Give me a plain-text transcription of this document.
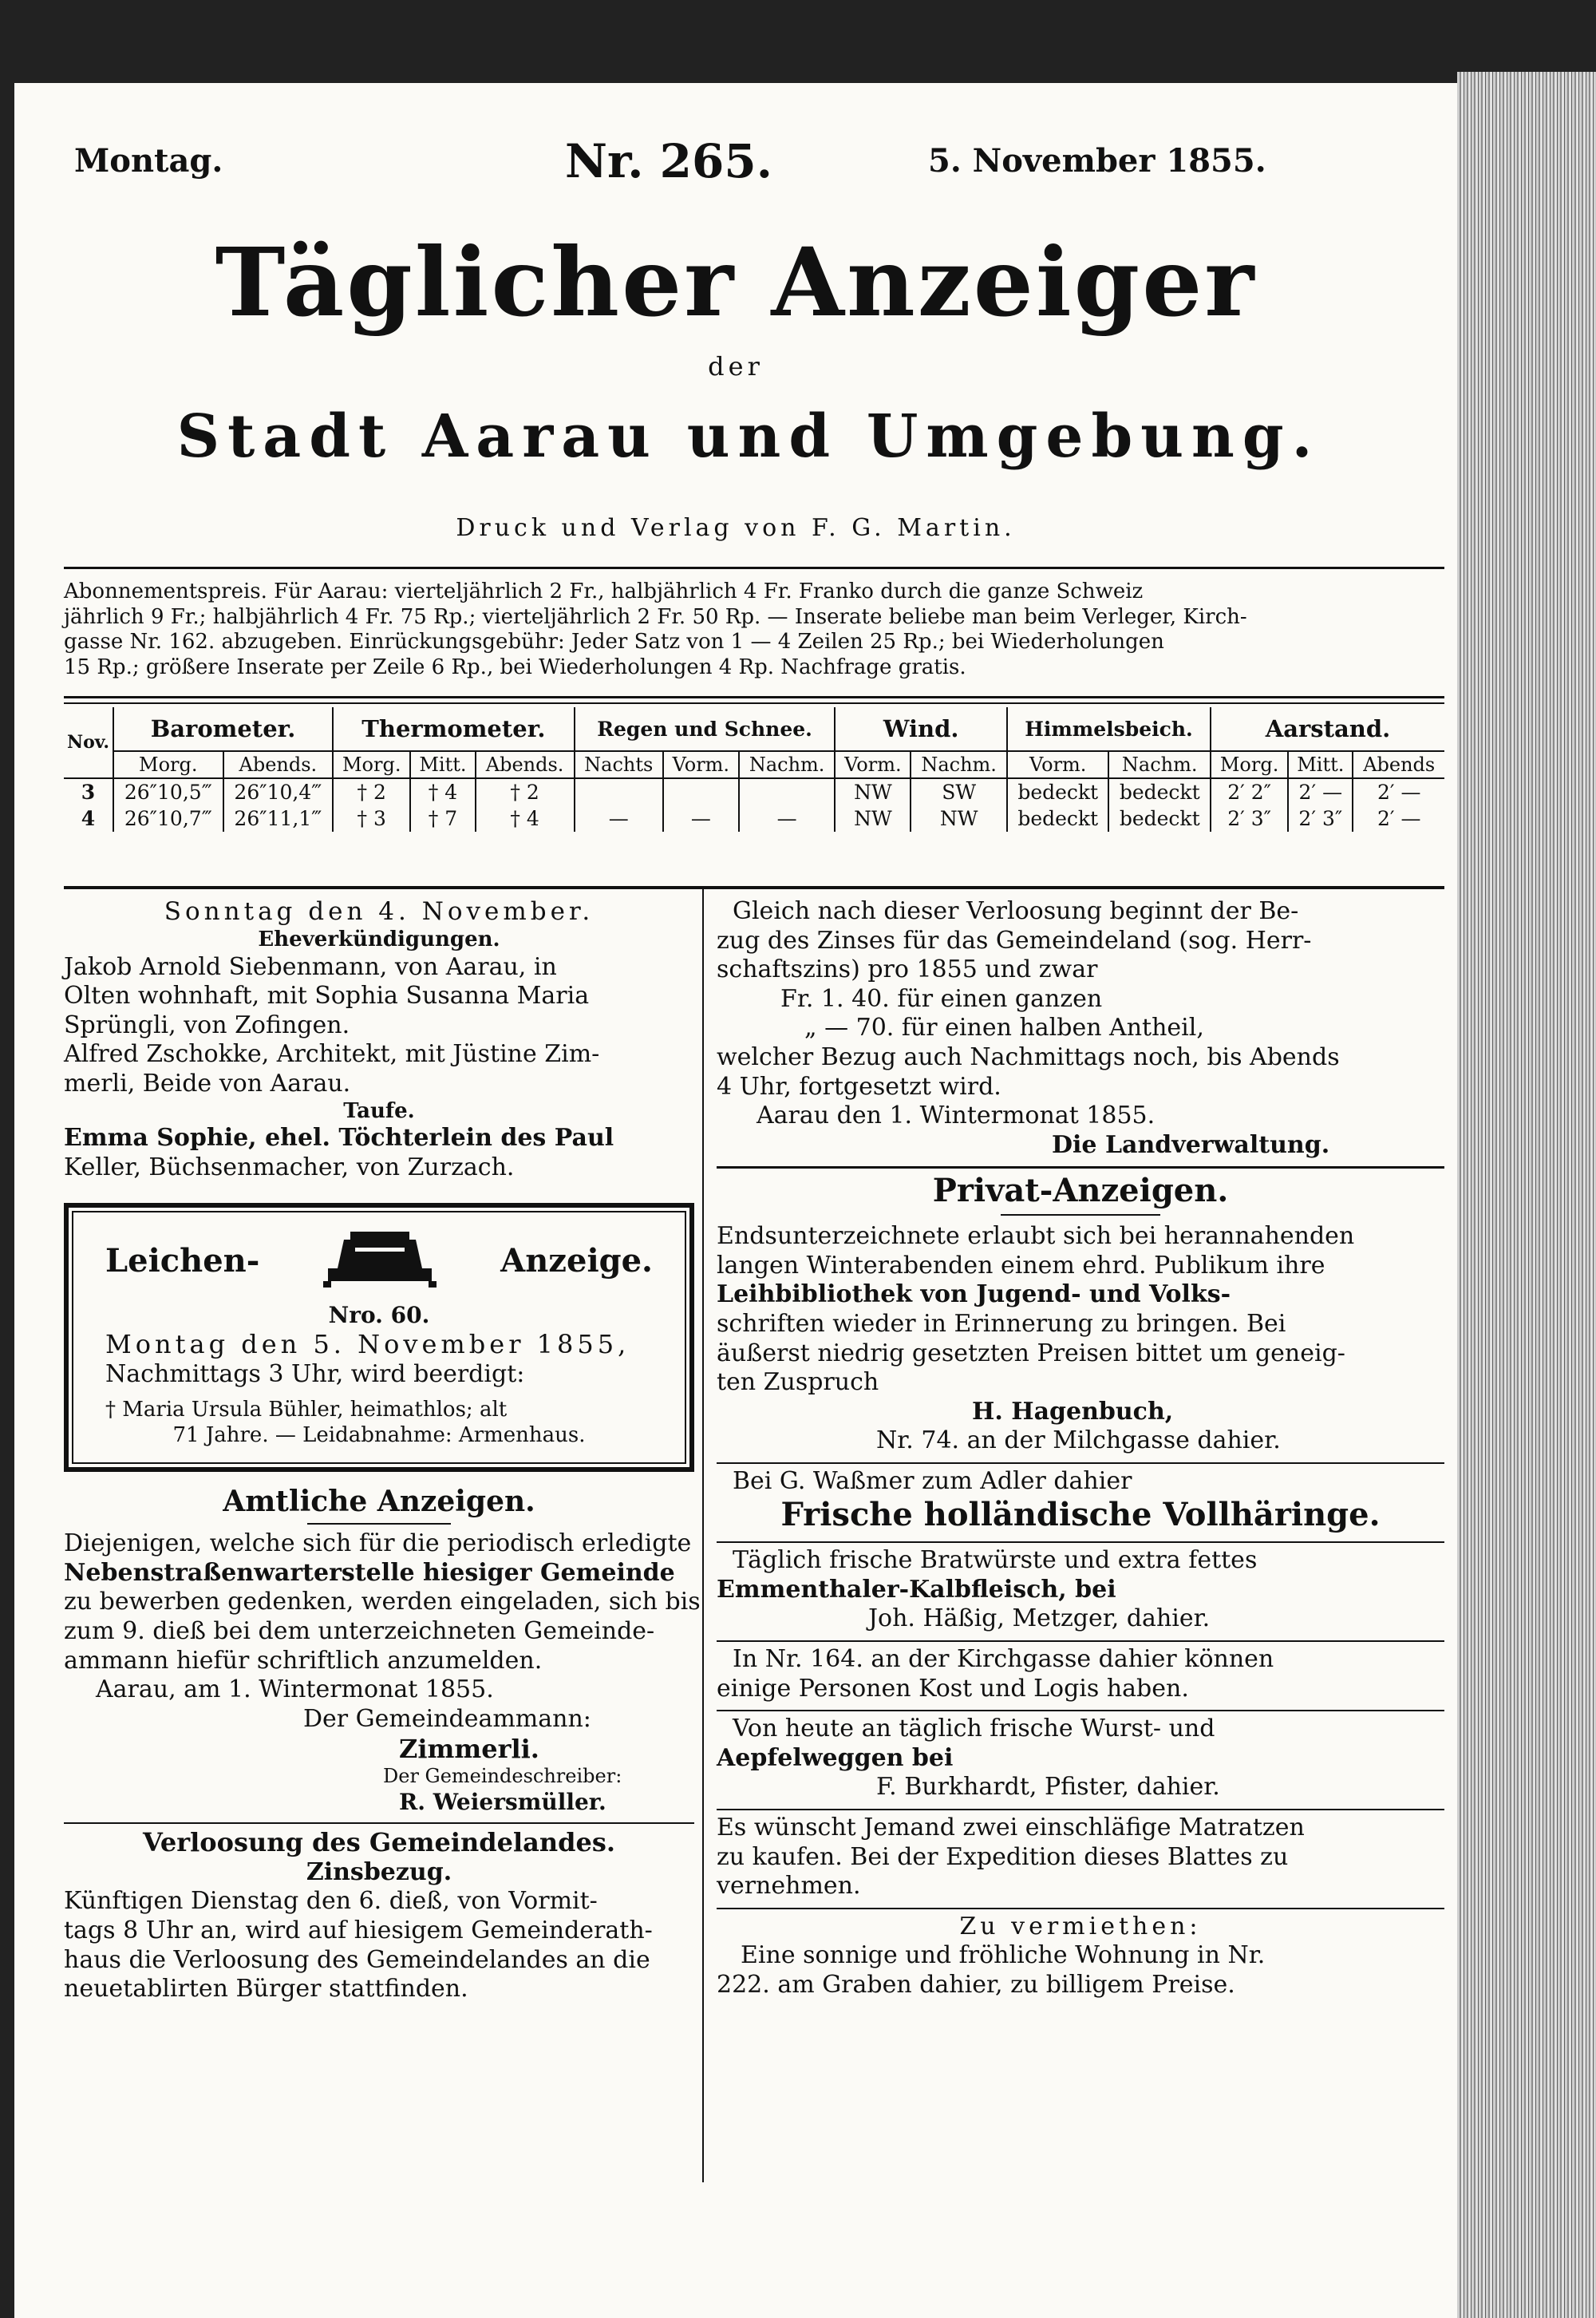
Montag.	Nr. 265.	5. November 1855.
Täglicher Anzeiger
der
Stadt Aarau und Umgebung.
Druck und Verlag von F. G. Martin.
Abonnementspreis. Für Aarau: vierteljährlich 2 Fr., halbjährlich 4 Fr. Franko durch die ganze Schweiz
jährlich 9 Fr.; halbjährlich 4 Fr. 75 Rp.; vierteljährlich 2 Fr. 50 Rp. — Inserate beliebe man beim Verleger, Kirch-
gasse Nr. 162. abzugeben. Einrückungsgebühr: Jeder Satz von 1 — 4 Zeilen 25 Rp.; bei Wiederholungen
15 Rp.; größere Inserate per Zeile 6 Rp., bei Wiederholungen 4 Rp. Nachfrage gratis.
Nov.	Barometer.		Thermometer.			Regen und Schnee.			Wind.		Himmelsbeich.		Aarstand.		
	Morg.	Abends.	Morg.	Mitt.	Abends.	Nachts	Vorm.	Nachm.	Vorm.	Nachm.	Vorm.	Nachm.	Morg.	Mitt.	Abends
3	26″10,5‴	26″10,4‴	† 2	† 4	† 2				NW	SW	bedeckt	bedeckt	2′ 2″	2′ —	2′ —
4	26″10,7‴	26″11,1‴	† 3	† 7	† 4	—	—	—	NW	NW	bedeckt	bedeckt	2′ 3″	2′ 3″	2′ —
Sonntag den 4. November.
Eheverkündigungen.
Jakob Arnold Siebenmann, von Aarau, in
Olten wohnhaft, mit Sophia Susanna Maria
Sprüngli, von Zofingen.
Alfred Zschokke, Architekt, mit Jüstine Zim-
merli, Beide von Aarau.
Taufe.
Emma Sophie, ehel. Töchterlein des Paul
Keller, Büchsenmacher, von Zurzach.
Leichen-	Anzeige.
Nro. 60.
Montag den 5. November 1855,
Nachmittags 3 Uhr, wird beerdigt:
† Maria Ursula Bühler, heimathlos; alt
71 Jahre. — Leidabnahme: Armenhaus.
Amtliche Anzeigen.
Diejenigen, welche sich für die periodisch erledigte
Nebenstraßenwarterstelle hiesiger Gemeinde
zu bewerben gedenken, werden eingeladen, sich bis
zum 9. dieß bei dem unterzeichneten Gemeinde-
ammann hiefür schriftlich anzumelden.
Aarau, am 1. Wintermonat 1855.
Der Gemeindeammann:
Zimmerli.
Der Gemeindeschreiber:
R. Weiersmüller.
Verloosung des Gemeindelandes.
Zinsbezug.
Künftigen Dienstag den 6. dieß, von Vormit-
tags 8 Uhr an, wird auf hiesigem Gemeinderath-
haus die Verloosung des Gemeindelandes an die
neuetablirten Bürger stattfinden.
Gleich nach dieser Verloosung beginnt der Be-
zug des Zinses für das Gemeindeland (sog. Herr-
schaftszins) pro 1855 und zwar
Fr. 1. 40. für einen ganzen
„ — 70. für einen halben Antheil,
welcher Bezug auch Nachmittags noch, bis Abends
4 Uhr, fortgesetzt wird.
Aarau den 1. Wintermonat 1855.
Die Landverwaltung.
Privat-Anzeigen.
Endsunterzeichnete erlaubt sich bei herannahenden
langen Winterabenden einem ehrd. Publikum ihre
Leihbibliothek von Jugend- und Volks-
schriften wieder in Erinnerung zu bringen. Bei
äußerst niedrig gesetzten Preisen bittet um geneig-
ten Zuspruch
H. Hagenbuch,
Nr. 74. an der Milchgasse dahier.
Bei G. Waßmer zum Adler dahier
Frische holländische Vollhäringe.
Täglich frische Bratwürste und extra fettes
Emmenthaler-Kalbfleisch, bei
Joh. Häßig, Metzger, dahier.
In Nr. 164. an der Kirchgasse dahier können
einige Personen Kost und Logis haben.
Von heute an täglich frische Wurst- und
Aepfelweggen bei
F. Burkhardt, Pfister, dahier.
Es wünscht Jemand zwei einschläfige Matratzen
zu kaufen. Bei der Expedition dieses Blattes zu
vernehmen.
Zu vermiethen:
Eine sonnige und fröhliche Wohnung in Nr.
222. am Graben dahier, zu billigem Preise.
